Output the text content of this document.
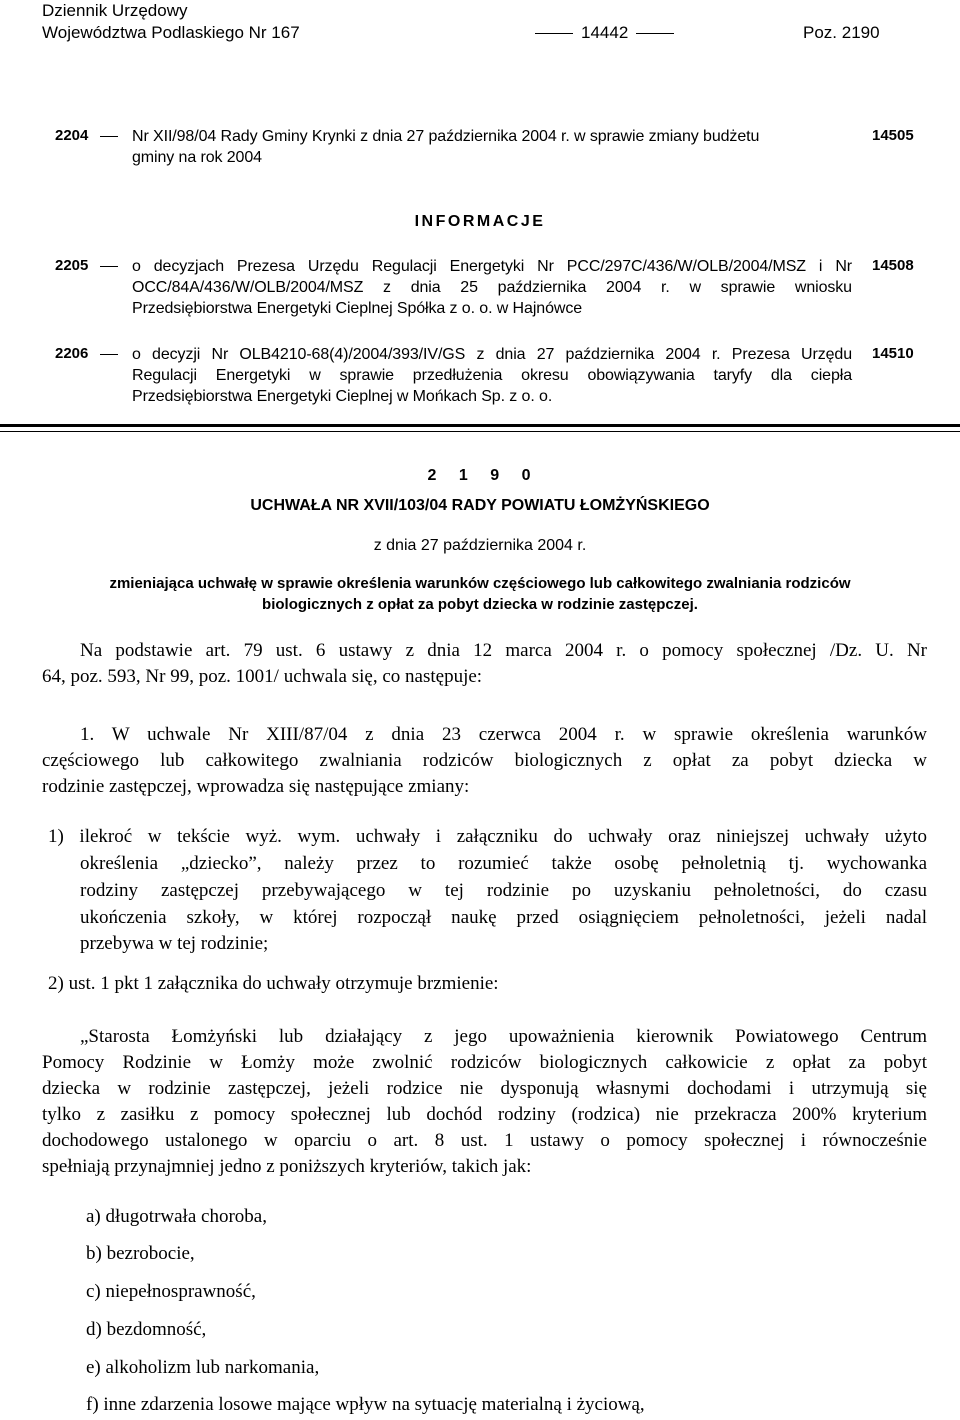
Dziennik Urzędowy
Województwa Podlaskiego Nr 167	14442	Poz. 2190
2204	Nr XII/98/04 Rady Gminy Krynki z dnia 27 października 2004 r. w sprawie zmiany budżetu
gminy na rok 2004
14505
INFORMACJE
2205	o decyzjach Prezesa Urzędu Regulacji Energetyki Nr PCC/297C/436/W/OLB/2004/MSZ i Nr
OCC/84A/436/W/OLB/2004/MSZ z dnia 25 października 2004 r. w sprawie wniosku
Przedsiębiorstwa Energetyki Cieplnej Spółka z o. o. w Hajnówce
14508
2206	o decyzji Nr OLB4210-68(4)/2004/393/IV/GS z dnia 27 października 2004 r. Prezesa Urzędu
Regulacji Energetyki w sprawie przedłużenia okresu obowiązywania taryfy dla ciepła
Przedsiębiorstwa Energetyki Cieplnej w Mońkach Sp. z o. o.
14510
2 1 9 0
UCHWAŁA NR XVII/103/04 RADY POWIATU ŁOMŻYŃSKIEGO
z dnia 27 października 2004 r.
zmieniająca uchwałę w sprawie określenia warunków częściowego lub całkowitego zwalniania rodziców
biologicznych z opłat za pobyt dziecka w rodzinie zastępczej.
Na podstawie art. 79 ust. 6 ustawy z dnia 12 marca 2004 r. o pomocy społecznej /Dz. U. Nr
64, poz. 593, Nr 99, poz. 1001/ uchwala się, co następuje:
1. W uchwale Nr XIII/87/04 z dnia 23 czerwca 2004 r. w sprawie określenia warunków
częściowego lub całkowitego zwalniania rodziców biologicznych z opłat za pobyt dziecka w
rodzinie zastępczej, wprowadza się następujące zmiany:
1) ilekroć w tekście wyż. wym. uchwały i załączniku do uchwały oraz niniejszej uchwały użyto
określenia „dziecko”, należy przez to rozumieć także osobę pełnoletnią tj. wychowanka
rodziny zastępczej przebywającego w tej rodzinie po uzyskaniu pełnoletności, do czasu
ukończenia szkoły, w której rozpoczął naukę przed osiągnięciem pełnoletności, jeżeli nadal
przebywa w tej rodzinie;
2) ust. 1 pkt 1 załącznika do uchwały otrzymuje brzmienie:
„Starosta Łomżyński lub działający z jego upoważnienia kierownik Powiatowego Centrum
Pomocy Rodzinie w Łomży może zwolnić rodziców biologicznych całkowicie z opłat za pobyt
dziecka w rodzinie zastępczej, jeżeli rodzice nie dysponują własnymi dochodami i utrzymują się
tylko z zasiłku z pomocy społecznej lub dochód rodziny (rodzica) nie przekracza 200% kryterium
dochodowego ustalonego w oparciu o art. 8 ust. 1 ustawy o pomocy społecznej i równocześnie
spełniają przynajmniej jedno z poniższych kryteriów, takich jak:
a) długotrwała choroba,
b) bezrobocie,
c) niepełnosprawność,
d) bezdomność,
e) alkoholizm lub narkomania,
f) inne zdarzenia losowe mające wpływ na sytuację materialną i życiową,
